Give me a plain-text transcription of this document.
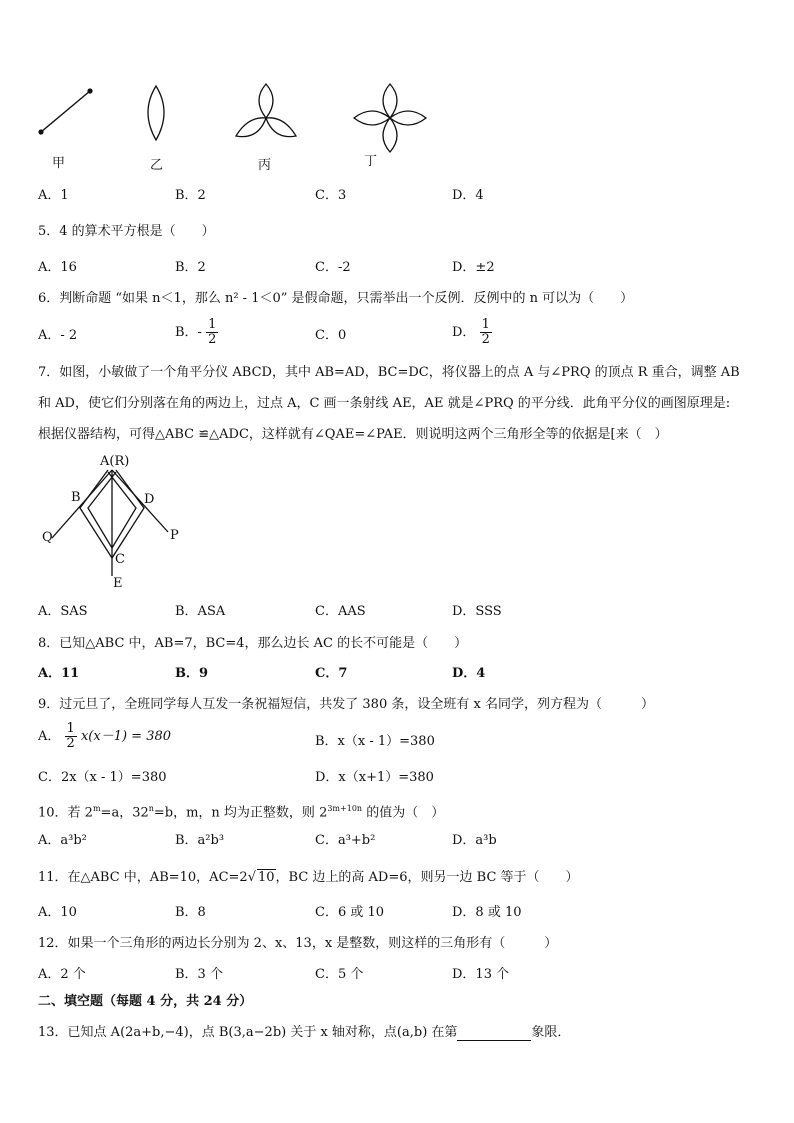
甲	乙	丙	丁
A．1	B．2	C．3	D．4
5．4 的算术平方根是（　　）
A．16	B．2	C．-2	D．±2
6．判断命题 “如果 n＜1，那么 n² - 1＜0” 是假命题，只需举出一个反例．反例中的 n 可以为（　　）
A．- 2	B．- $\frac{1}{2}$	C．0	D． $\frac{1}{2}$
7．如图，小敏做了一个角平分仪 ABCD，其中 AB=AD，BC=DC，将仪器上的点 A 与∠PRQ 的顶点 R 重合，调整 AB
和 AD，使它们分别落在角的两边上，过点 A，C 画一条射线 AE，AE 就是∠PRQ 的平分线．此角平分仪的画图原理是:
根据仪器结构，可得△ABC ≌△ADC，这样就有∠QAE=∠PAE．则说明这两个三角形全等的依据是[来（　）
A(R)
B	D
Q	P
C
E
A．SAS	B．ASA	C．AAS	D．SSS
8．已知△ABC 中，AB=7，BC=4，那么边长 AC 的长不可能是（　　）
A．11	B．9	C．7	D．4
9．过元旦了，全班同学每人互发一条祝福短信，共发了 380 条，设全班有 x 名同学，列方程为（　　　）
A． $\frac{1}{2} x(x-1) = 380$	B．x（x - 1）=380
C．2x（x - 1）=380	D．x（x+1）=380
10．若 $2^m=a$，$32^n=b$，m，n 均为正整数，则 $2^{3m+10n}$ 的值为（　）
A．a³b²	B．a²b³	C．a³+b²	D．a³b
11．在△ABC 中，AB=10，AC=2√ 10，BC 边上的高 AD=6，则另一边 BC 等于（　　）
A．10	B．8	C．6 或 10	D．8 或 10
12．如果一个三角形的两边长分别为 2、x、13，x 是整数，则这样的三角形有（　　　）
A．2 个	B．3 个	C．5 个	D．13 个
二、填空题（每题 4 分，共 24 分）
13．已知点 A(2a+b,−4)，点 B(3,a−2b) 关于 x 轴对称，点(a,b) 在第	象限．
